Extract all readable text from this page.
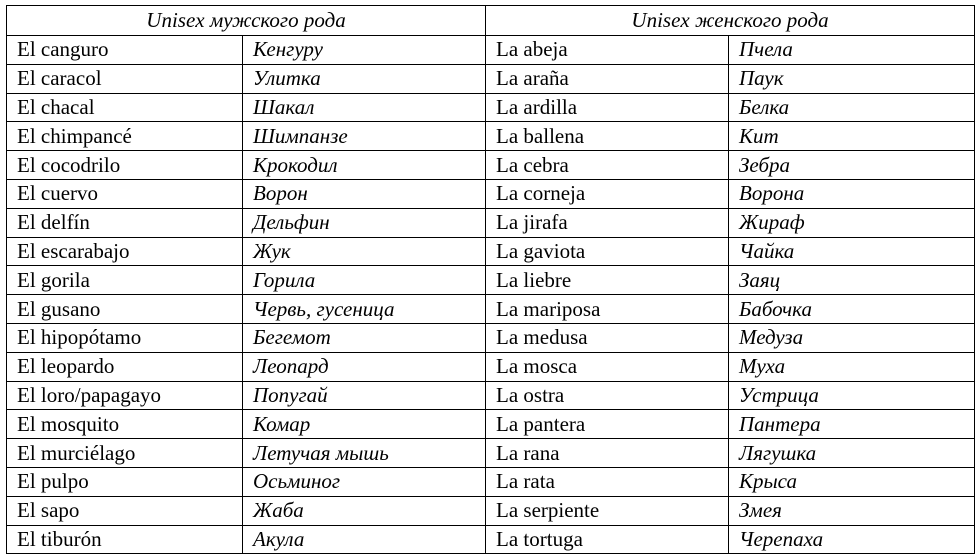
Unisex мужского рода		Unisex женского рода	
El canguro	Кенгуру	La abeja	Пчела
El caracol	Улитка	La araña	Паук
El chacal	Шакал	La ardilla	Белка
El chimpancé	Шимпанзе	La ballena	Кит
El cocodrilo	Крокодил	La cebra	Зебра
El cuervo	Ворон	La corneja	Ворона
El delfín	Дельфин	La jirafa	Жираф
El escarabajo	Жук	La gaviota	Чайка
El gorila	Горила	La liebre	Заяц
El gusano	Червь, гусеница	La mariposa	Бабочка
El hipopótamo	Бегемот	La medusa	Медуза
El leopardo	Леопард	La mosca	Муха
El loro/papagayo	Попугай	La ostra	Устрица
El mosquito	Комар	La pantera	Пантера
El murciélago	Летучая мышь	La rana	Лягушка
El pulpo	Осьминог	La rata	Крыса
El sapo	Жаба	La serpiente	Змея
El tiburón	Акула	La tortuga	Черепаха
